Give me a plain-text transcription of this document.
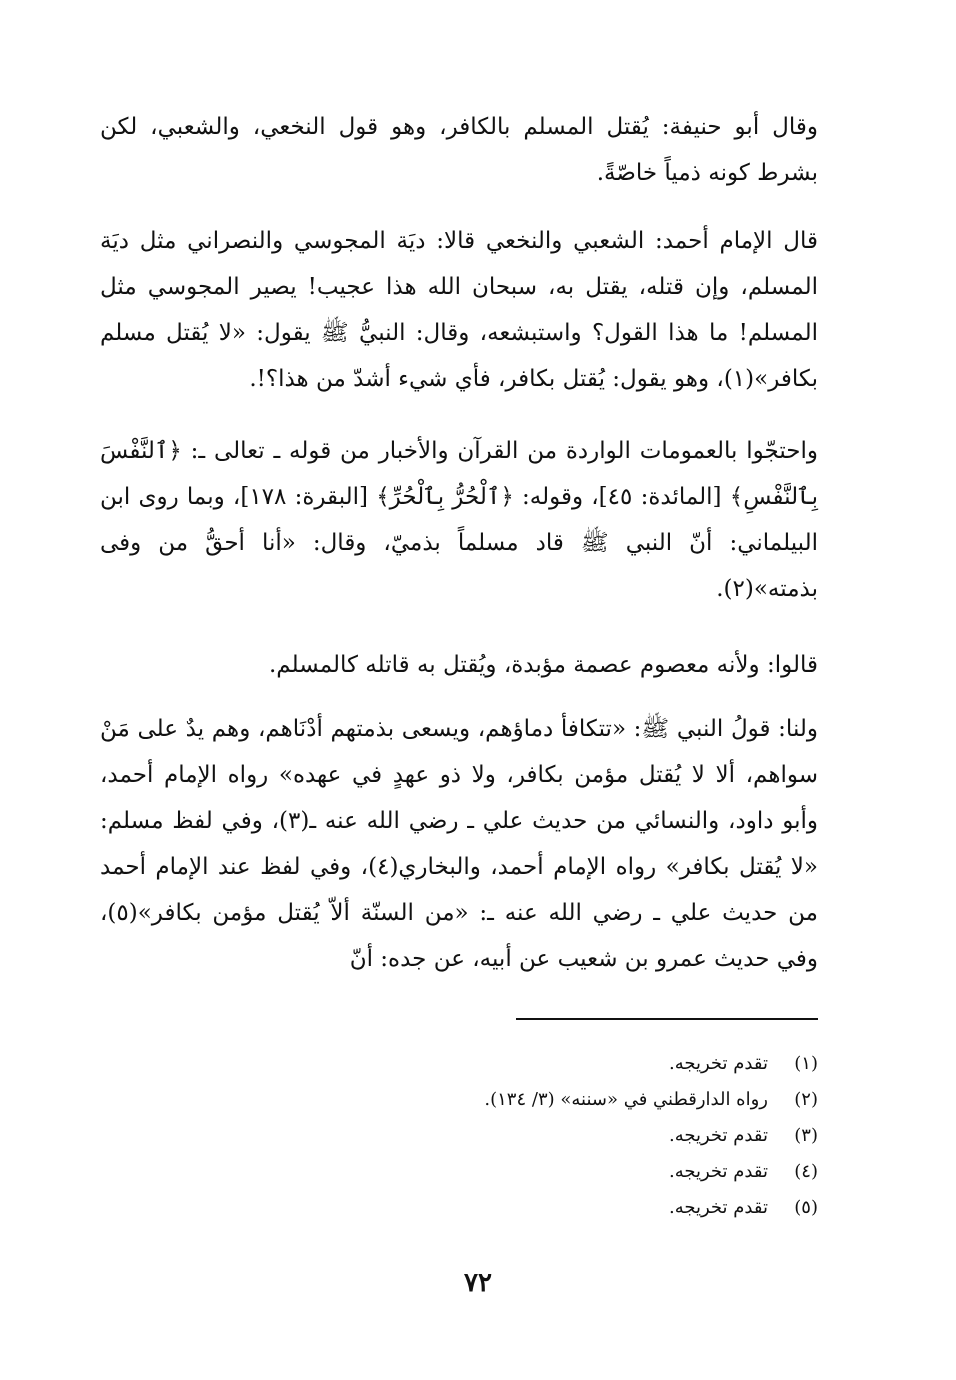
وقال أبو حنيفة: يُقتل المسلم بالكافر، وهو قول النخعي، والشعبي، لكن بشرط كونه ذمياً خاصّةً.

قال الإمام أحمد: الشعبي والنخعي قالا: ديَة المجوسي والنصراني مثل ديَة المسلم، وإن قتله، يقتل به، سبحان الله هذا عجيب! يصير المجوسي مثل المسلم! ما هذا القول؟ واستبشعه، وقال: النبيُّ ﷺ يقول: «لا يُقتل مسلم بكافر»(١)، وهو يقول: يُقتل بكافر، فأي شيء أشدّ من هذا؟!.

واحتجّوا بالعمومات الواردة من القرآن والأخبار من قوله ـ تعالى ـ: ﴿ٱلنَّفْسَ بِٱلنَّفْسِ﴾ [المائدة: ٤٥]، وقوله: ﴿ٱلْحُرُّ بِٱلْحُرِّ﴾ [البقرة: ١٧٨]، وبما روى ابن البيلماني: أنّ النبي ﷺ قاد مسلماً بذميّ، وقال: «أنا أحقُّ من وفى بذمته»(٢).

قالوا: ولأنه معصوم عصمة مؤبدة، ويُقتل به قاتله كالمسلم.

ولنا: قولُ النبي ﷺ: «تتكافأ دماؤهم، ويسعى بذمتهم أدْنَاهم، وهم يدٌ على مَنْ سواهم، ألا لا يُقتل مؤمن بكافر، ولا ذو عهدٍ في عهده» رواه الإمام أحمد، وأبو داود، والنسائي من حديث علي ـ رضي الله عنه ـ(٣)، وفي لفظ مسلم: «لا يُقتل بكافر» رواه الإمام أحمد، والبخاري(٤)، وفي لفظ عند الإمام أحمد من حديث علي ـ رضي الله عنه ـ: «من السنّة ألاّ يُقتل مؤمن بكافر»(٥)، وفي حديث عمرو بن شعيب عن أبيه، عن جده: أنّ

(١)تقدم تخريجه.

(٢)رواه الدارقطني في «سننه» (٣/ ١٣٤).

(٣)تقدم تخريجه.

(٤)تقدم تخريجه.

(٥)تقدم تخريجه.

٧٢
